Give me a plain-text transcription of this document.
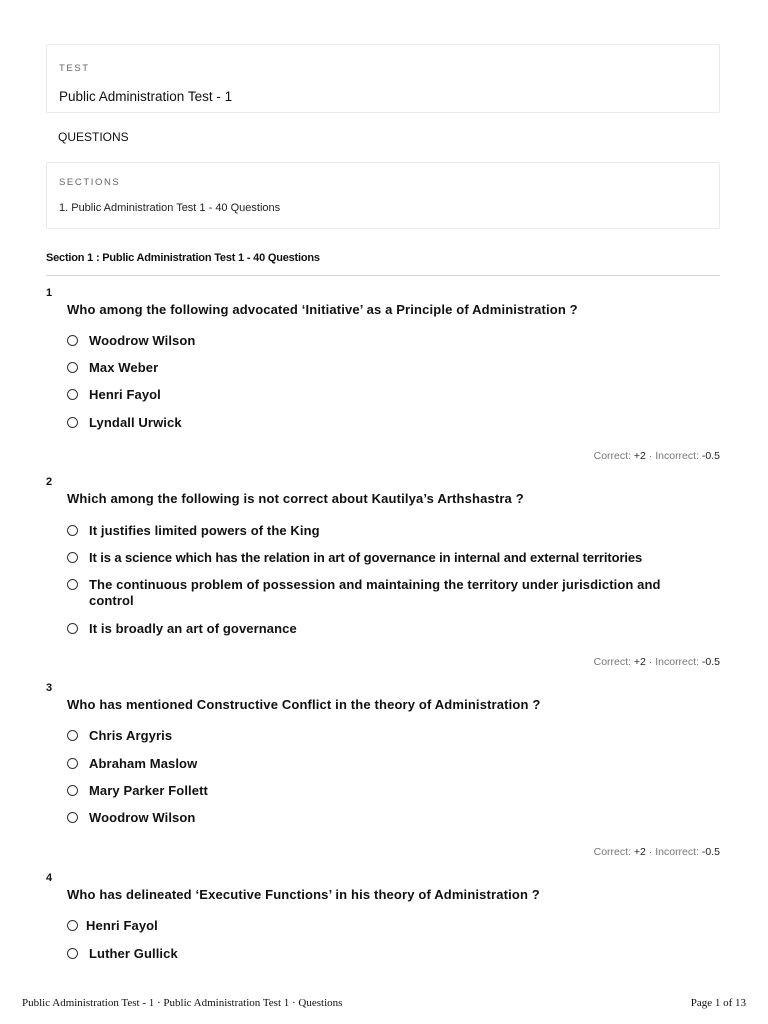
TEST
Public Administration Test - 1
QUESTIONS
SECTIONS
1. Public Administration Test 1 - 40 Questions
Section 1 : Public Administration Test 1 - 40 Questions
1
Who among the following advocated ‘Initiative’ as a Principle of Administration ?
Woodrow Wilson
Max Weber
Henri Fayol
Lyndall Urwick
Correct: +2 · Incorrect: -0.5
2
Which among the following is not correct about Kautilya’s Arthshastra ?
It justifies limited powers of the King
It is a science which has the relation in art of governance in internal and external territories
The continuous problem of possession and maintaining the territory under jurisdiction and control
It is broadly an art of governance
Correct: +2 · Incorrect: -0.5
3
Who has mentioned Constructive Conflict in the theory of Administration ?
Chris Argyris
Abraham Maslow
Mary Parker Follett
Woodrow Wilson
Correct: +2 · Incorrect: -0.5
4
Who has delineated ‘Executive Functions’ in his theory of Administration ?
Henri Fayol
Luther Gullick
Public Administration Test - 1 · Public Administration Test 1 · Questions	Page 1 of 13
